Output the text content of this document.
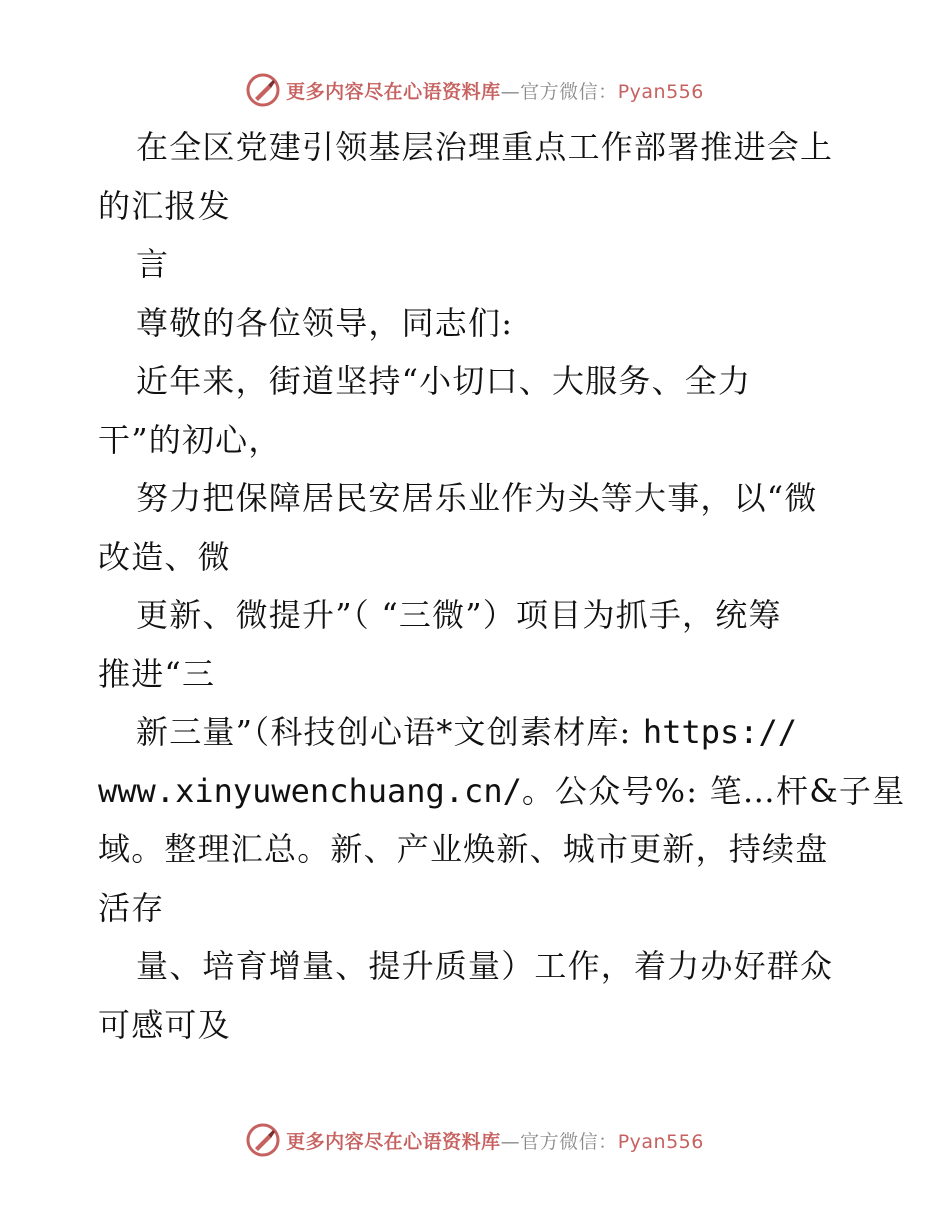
更多内容尽在心语资料库—官方微信：Pyan556
在全区党建引领基层治理重点工作部署推进会上
的汇报发
言
尊敬的各位领导，同志们:
近年来，街道坚持“小切口、大服务、全力
干”的初心，
努力把保障居民安居乐业作为头等大事，以“微
改造、微
更新、微提升”（ “三微”）项目为抓手，统筹
推进“三
新三量”（科技创心语*文创素材库: https://
www.xinyuwenchuang.cn/。公众号%: 笔…杆&子星
域。整理汇总。新、产业焕新、城市更新，持续盘
活存
量、培育增量、提升质量）工作，着力办好群众
可感可及
更多内容尽在心语资料库—官方微信：Pyan556
